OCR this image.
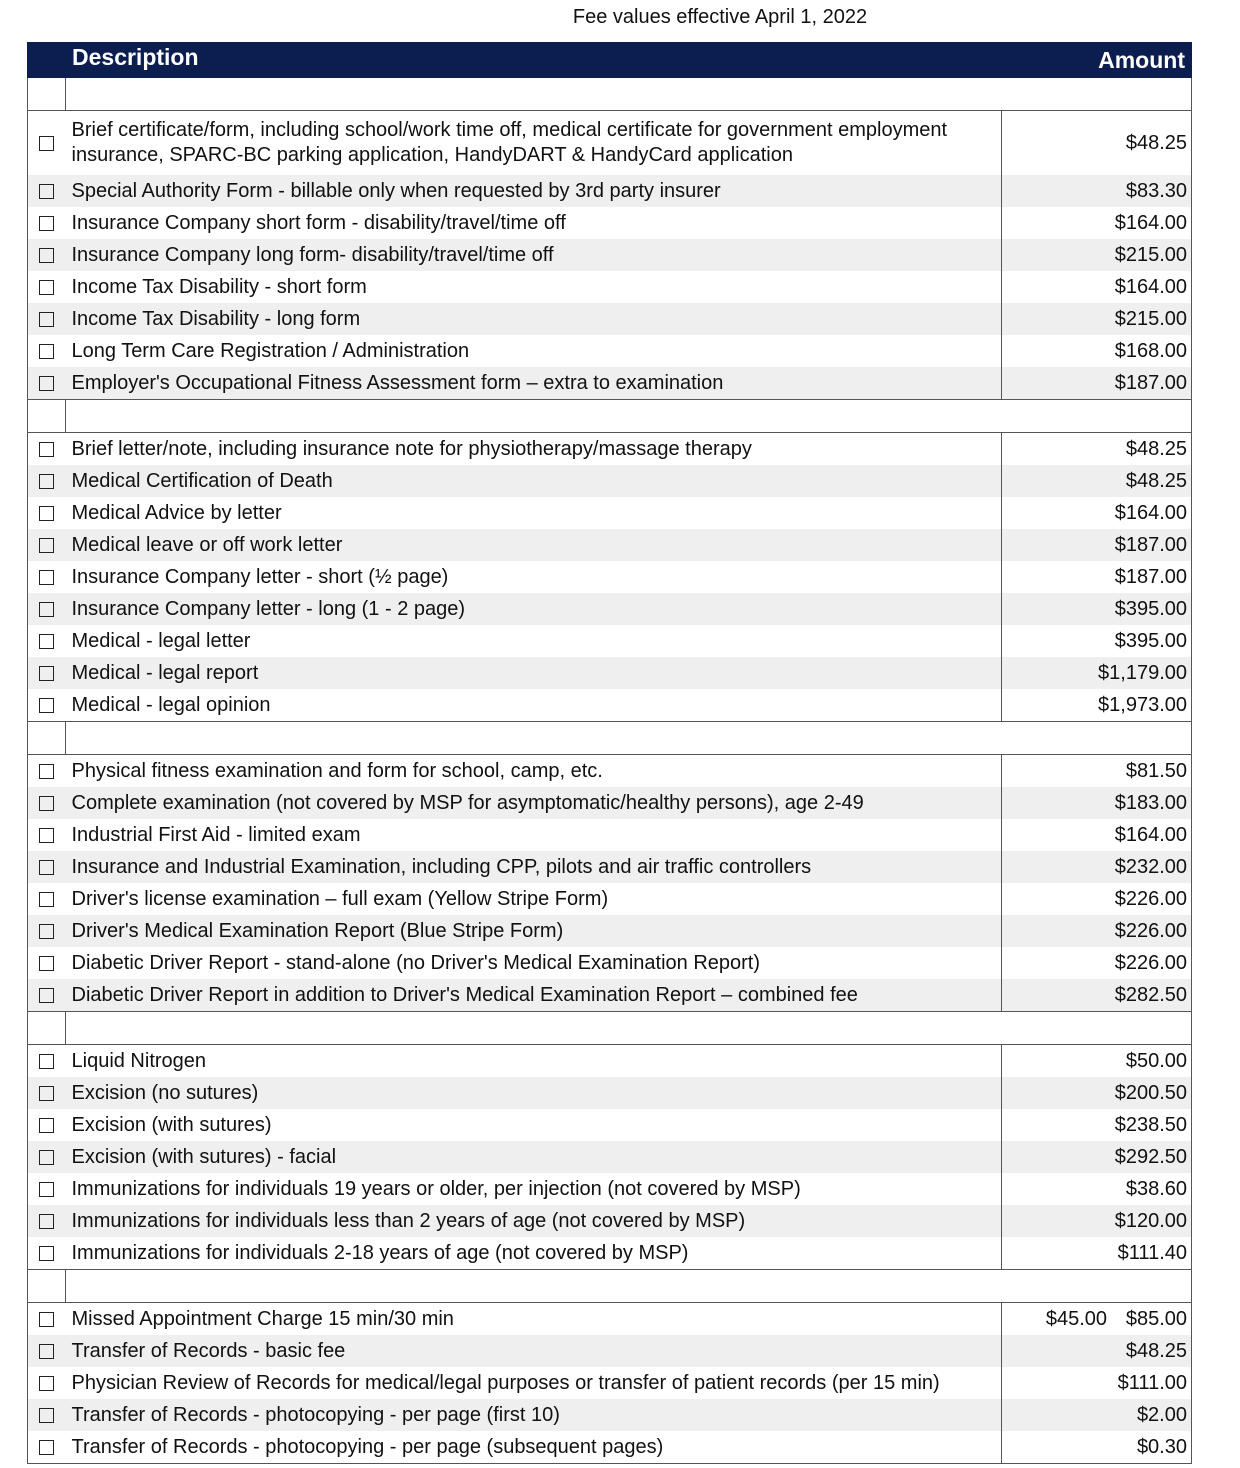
Fee values effective April 1, 2022
	Description	Amount

	Brief certificate/form, including school/work time off, medical certificate for government employment insurance, SPARC-BC parking application, HandyDART & HandyCard application	$48.25
	Special Authority Form - billable only when requested by 3rd party insurer	$83.30
	Insurance Company short form - disability/travel/time off	$164.00
	Insurance Company long form- disability/travel/time off	$215.00
	Income Tax Disability - short form	$164.00
	Income Tax Disability - long form	$215.00
	Long Term Care Registration / Administration	$168.00
	Employer's Occupational Fitness Assessment form – extra to examination	$187.00

	Brief letter/note, including insurance note for physiotherapy/massage therapy	$48.25
	Medical Certification of Death	$48.25
	Medical Advice by letter	$164.00
	Medical leave or off work letter	$187.00
	Insurance Company letter - short (½ page)	$187.00
	Insurance Company letter - long (1 - 2 page)	$395.00
	Medical - legal letter	$395.00
	Medical - legal report	$1,179.00
	Medical - legal opinion	$1,973.00

	Physical fitness examination and form for school, camp, etc.	$81.50
	Complete examination (not covered by MSP for asymptomatic/healthy persons), age 2-49	$183.00
	Industrial First Aid - limited exam	$164.00
	Insurance and Industrial Examination, including CPP, pilots and air traffic controllers	$232.00
	Driver's license examination – full exam (Yellow Stripe Form)	$226.00
	Driver's Medical Examination Report (Blue Stripe Form)	$226.00
	Diabetic Driver Report - stand-alone (no Driver's Medical Examination Report)	$226.00
	Diabetic Driver Report in addition to Driver's Medical Examination Report – combined fee	$282.50

	Liquid Nitrogen	$50.00
	Excision (no sutures)	$200.50
	Excision (with sutures)	$238.50
	Excision (with sutures) - facial	$292.50
	Immunizations for individuals 19 years or older, per injection (not covered by MSP)	$38.60
	Immunizations for individuals less than 2 years of age (not covered by MSP)	$120.00
	Immunizations for individuals 2-18 years of age (not covered by MSP)	$111.40

	Missed Appointment Charge 15 min/30 min	$45.00 $85.00
	Transfer of Records - basic fee	$48.25
	Physician Review of Records for medical/legal purposes or transfer of patient records (per 15 min)	$111.00
	Transfer of Records - photocopying - per page (first 10)	$2.00
	Transfer of Records - photocopying - per page (subsequent pages)	$0.30
